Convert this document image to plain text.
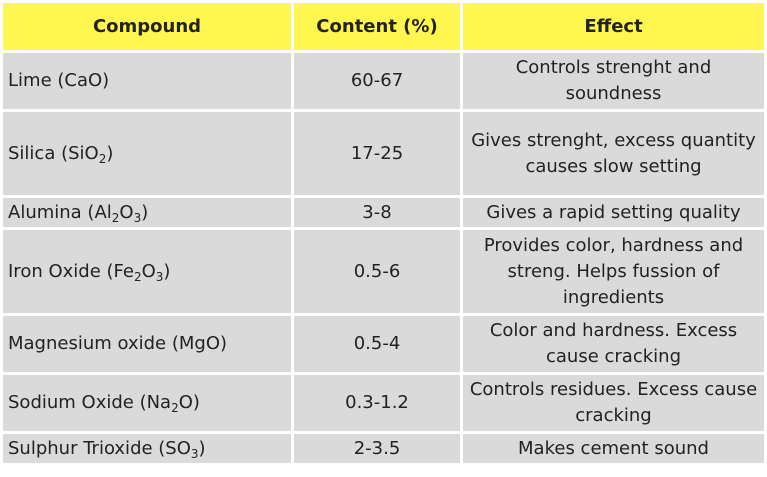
Compound	Content (%)	Effect
Lime (CaO)	60-67	Controls strenght and soundness
Silica (SiO$_2$)	17-25	Gives strenght, excess quantity causes slow setting
Alumina $(Al_2O_3)$	3-8	Gives a rapid setting quality
Iron Oxide $(Fe_2O_3)$	0.5-6	Provides color, hardness and streng. Helps fussion of ingredients
Magnesium oxide (MgO)	0.5-4	Color and hardness. Excess cause cracking
Sodium Oxide $(Na_2O)$	0.3-1.2	Controls residues. Excess cause cracking
Sulphur Trioxide $(SO_3)$	2-3.5	Makes cement sound
